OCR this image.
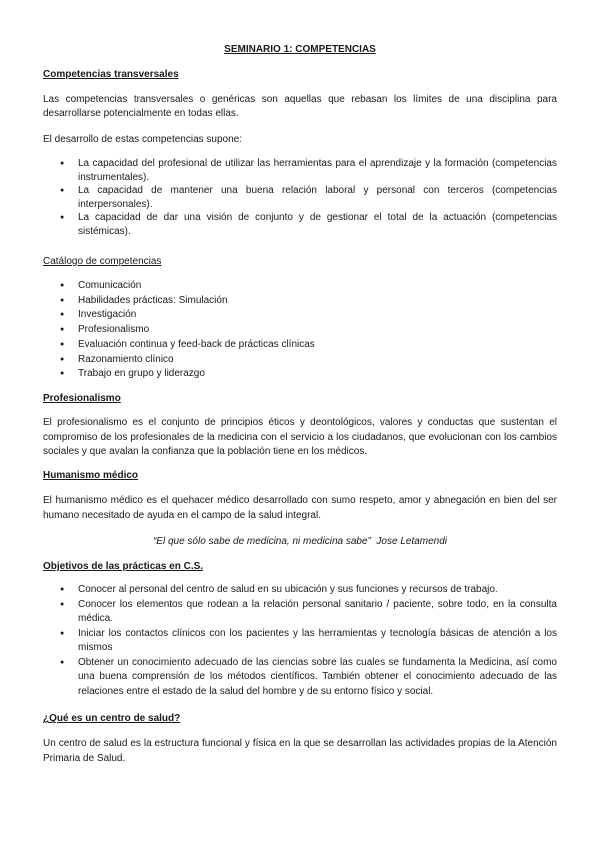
SEMINARIO 1: COMPETENCIAS
Competencias transversales
Las competencias transversales o genéricas son aquellas que rebasan los límites de una disciplina para desarrollarse potencialmente en todas ellas.
El desarrollo de estas competencias supone:
● La capacidad del profesional de utilizar las herramientas para el aprendizaje y la formación (competencias instrumentales).
● La capacidad de mantener una buena relación laboral y personal con terceros (competencias interpersonales).
● La capacidad de dar una visión de conjunto y de gestionar el total de la actuación (competencias sistémicas).
Catálogo de competencias
● Comunicación
● Habilidades prácticas: Simulación
● Investigación
● Profesionalismo
● Evaluación continua y feed-back de prácticas clínicas
● Razonamiento clínico
● Trabajo en grupo y liderazgo
Profesionalismo
El profesionalismo es el conjunto de principios éticos y deontológicos, valores y conductas que sustentan el compromiso de los profesionales de la medicina con el servicio a los ciudadanos, que evolucionan con los cambios sociales y que avalan la confianza que la población tiene en los médicos.
Humanismo médico
El humanismo médico es el quehacer médico desarrollado con sumo respeto, amor y abnegación en bien del ser humano necesitado de ayuda en el campo de la salud integral.
“El que sólo sabe de medicina, ni medicina sabe” Jose Letamendi
Objetivos de las prácticas en C.S.
● Conocer al personal del centro de salud en su ubicación y sus funciones y recursos de trabajo.
● Conocer los elementos que rodean a la relación personal sanitario / paciente, sobre todo, en la consulta médica.
● Iniciar los contactos clínicos con los pacientes y las herramientas y tecnología básicas de atención a los mismos
● Obtener un conocimiento adecuado de las ciencias sobre las cuales se fundamenta la Medicina, así como una buena comprensión de los métodos científicos. También obtener el conocimiento adecuado de las relaciones entre el estado de la salud del hombre y de su entorno físico y social.
¿Qué es un centro de salud?
Un centro de salud es la estructura funcional y física en la que se desarrollan las actividades propias de la Atención Primaria de Salud.
